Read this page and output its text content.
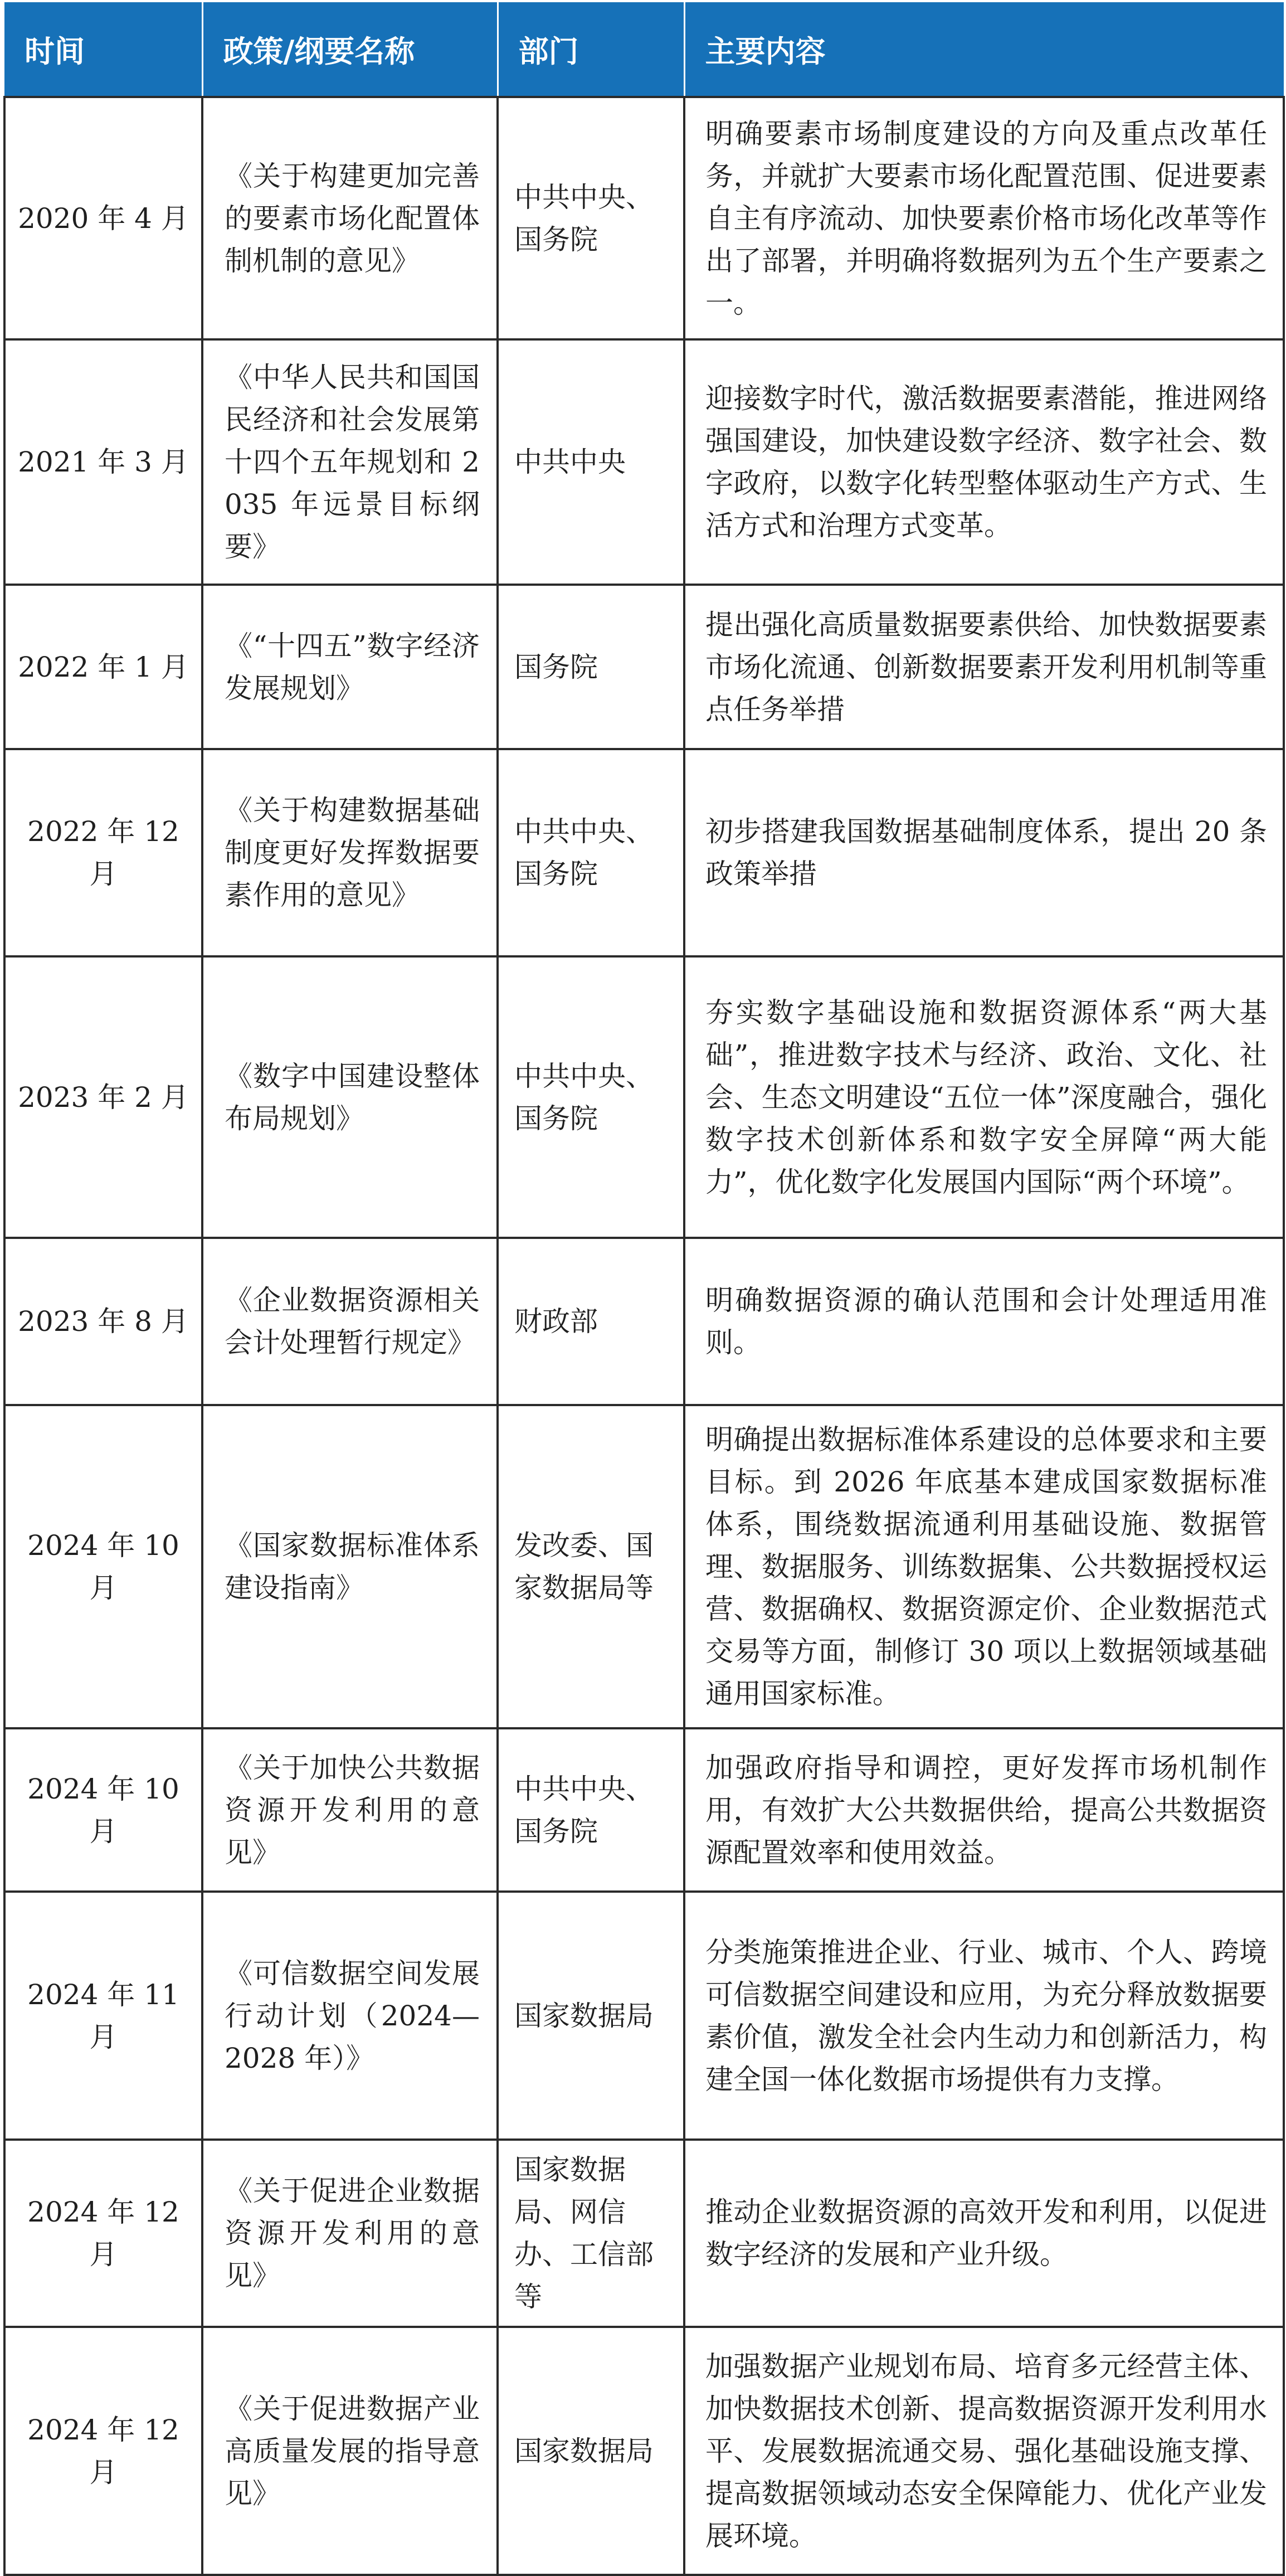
时间	政策/纲要名称	部门	主要内容
2020 年 4 月	《关于构建更加完善的要素市场化配置体制机制的意见》	中共中央、国务院	明确要素市场制度建设的方向及重点改革任务，并就扩大要素市场化配置范围、促进要素自主有序流动、加快要素价格市场化改革等作出了部署，并明确将数据列为五个生产要素之一。
2021 年 3 月	《中华人民共和国国民经济和社会发展第十四个五年规划和 2035 年远景目标纲要》	中共中央	迎接数字时代，激活数据要素潜能，推进网络强国建设，加快建设数字经济、数字社会、数字政府，以数字化转型整体驱动生产方式、生活方式和治理方式变革。
2022 年 1 月	《“十四五”数字经济发展规划》	国务院	提出强化高质量数据要素供给、加快数据要素市场化流通、创新数据要素开发利用机制等重点任务举措
2022 年 12 月	《关于构建数据基础制度更好发挥数据要素作用的意见》	中共中央、国务院	初步搭建我国数据基础制度体系，提出 20 条政策举措
2023 年 2 月	《数字中国建设整体布局规划》	中共中央、国务院	夯实数字基础设施和数据资源体系“两大基础”，推进数字技术与经济、政治、文化、社会、生态文明建设“五位一体”深度融合，强化数字技术创新体系和数字安全屏障“两大能力”，优化数字化发展国内国际“两个环境”。
2023 年 8 月	《企业数据资源相关会计处理暂行规定》	财政部	明确数据资源的确认范围和会计处理适用准则。
2024 年 10 月	《国家数据标准体系建设指南》	发改委、国家数据局等	明确提出数据标准体系建设的总体要求和主要目标。到 2026 年底基本建成国家数据标准体系，围绕数据流通利用基础设施、数据管理、数据服务、训练数据集、公共数据授权运营、数据确权、数据资源定价、企业数据范式交易等方面，制修订 30 项以上数据领域基础通用国家标准。
2024 年 10 月	《关于加快公共数据资源开发利用的意见》	中共中央、国务院	加强政府指导和调控，更好发挥市场机制作用，有效扩大公共数据供给，提高公共数据资源配置效率和使用效益。
2024 年 11 月	《可信数据空间发展行动计划（2024—2028 年）》	国家数据局	分类施策推进企业、行业、城市、个人、跨境可信数据空间建设和应用，为充分释放数据要素价值，激发全社会内生动力和创新活力，构建全国一体化数据市场提供有力支撑。
2024 年 12 月	《关于促进企业数据资源开发利用的意见》	国家数据局、网信办、工信部等	推动企业数据资源的高效开发和利用，以促进数字经济的发展和产业升级。
2024 年 12 月	《关于促进数据产业高质量发展的指导意见》	国家数据局	加强数据产业规划布局、培育多元经营主体、加快数据技术创新、提高数据资源开发利用水平、发展数据流通交易、强化基础设施支撑、提高数据领域动态安全保障能力、优化产业发展环境。
